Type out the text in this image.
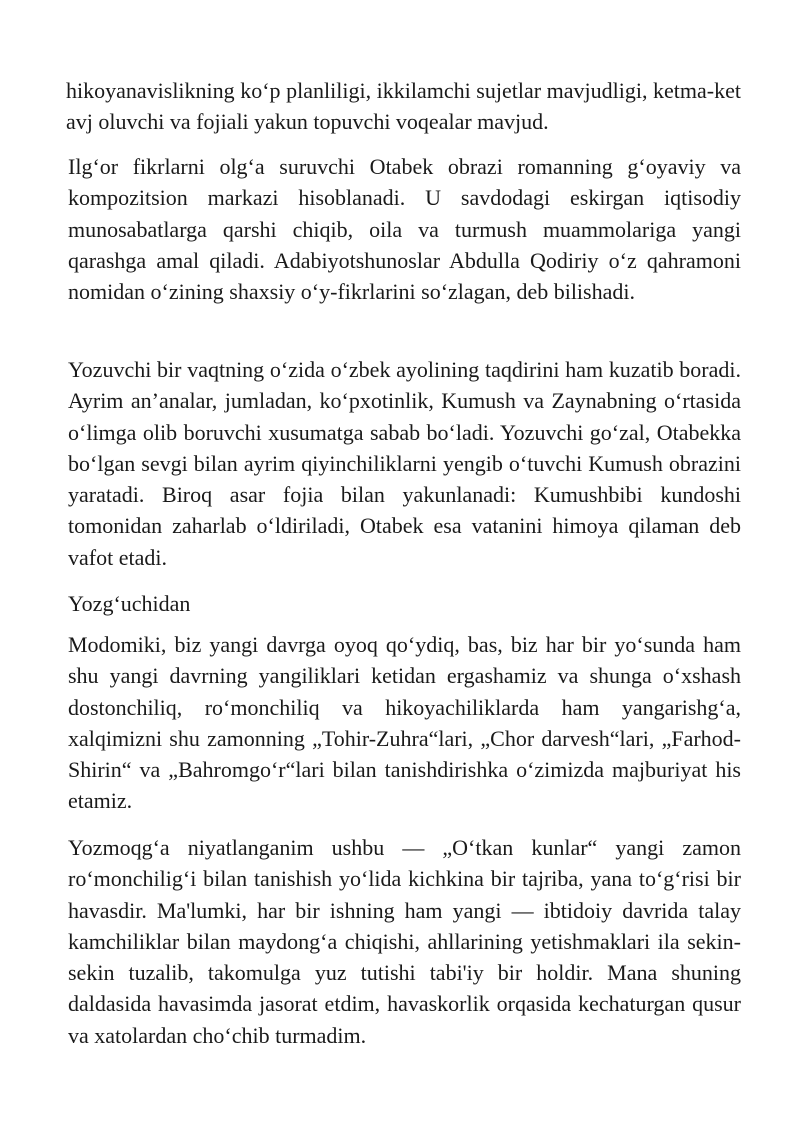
hikoyanavislikning ko‘p planliligi, ikkilamchi sujetlar mavjudligi, ketma-ket avj oluvchi va fojiali yakun topuvchi voqealar mavjud.

Ilg‘or fikrlarni olg‘a suruvchi Otabek obrazi romanning g‘oyaviy va kompozitsion markazi hisoblanadi. U savdodagi eskirgan iqtisodiy munosabatlarga qarshi chiqib, oila va turmush muammolariga yangi qarashga amal qiladi. Adabiyotshunoslar Abdulla Qodiriy o‘z qahramoni nomidan o‘zining shaxsiy o‘y-fikrlarini so‘zlagan, deb bilishadi.

Yozuvchi bir vaqtning o‘zida o‘zbek ayolining taqdirini ham kuzatib boradi. Ayrim an’analar, jumladan, ko‘pxotinlik, Kumush va Zaynabning o‘rtasida o‘limga olib boruvchi xusumatga sabab bo‘ladi. Yozuvchi go‘zal, Otabekka bo‘lgan sevgi bilan ayrim qiyinchiliklarni yengib o‘tuvchi Kumush obrazini yaratadi. Biroq asar fojia bilan yakunlanadi: Kumushbibi kundoshi tomonidan zaharlab o‘ldiriladi, Otabek esa vatanini himoya qilaman deb vafot etadi.

Yozg‘uchidan

Modomiki, biz yangi davrga oyoq qo‘ydiq, bas, biz har bir yo‘sunda ham shu yangi davrning yangiliklari ketidan ergashamiz va shunga o‘xshash dostonchiliq, ro‘monchiliq va hikoyachiliklarda ham yangarishg‘a, xalqimizni shu zamonning „Tohir-Zuhra“lari, „Chor darvesh“lari, „Farhod-Shirin“ va „Bahromgo‘r“lari bilan tanishdirishka o‘zimizda majburiyat his etamiz.

Yozmoqg‘a niyatlanganim ushbu — „O‘tkan kunlar“ yangi zamon ro‘monchilig‘i bilan tanishish yo‘lida kichkina bir tajriba, yana to‘g‘risi bir havasdir. Ma'lumki, har bir ishning ham yangi — ibtidoiy davrida talay kamchiliklar bilan maydong‘a chiqishi, ahllarining yetishmaklari ila sekin-sekin tuzalib, takomulga yuz tutishi tabi'iy bir holdir. Mana shuning daldasida havasimda jasorat etdim, havaskorlik orqasida kechaturgan qusur va xatolardan cho‘chib turmadim.
